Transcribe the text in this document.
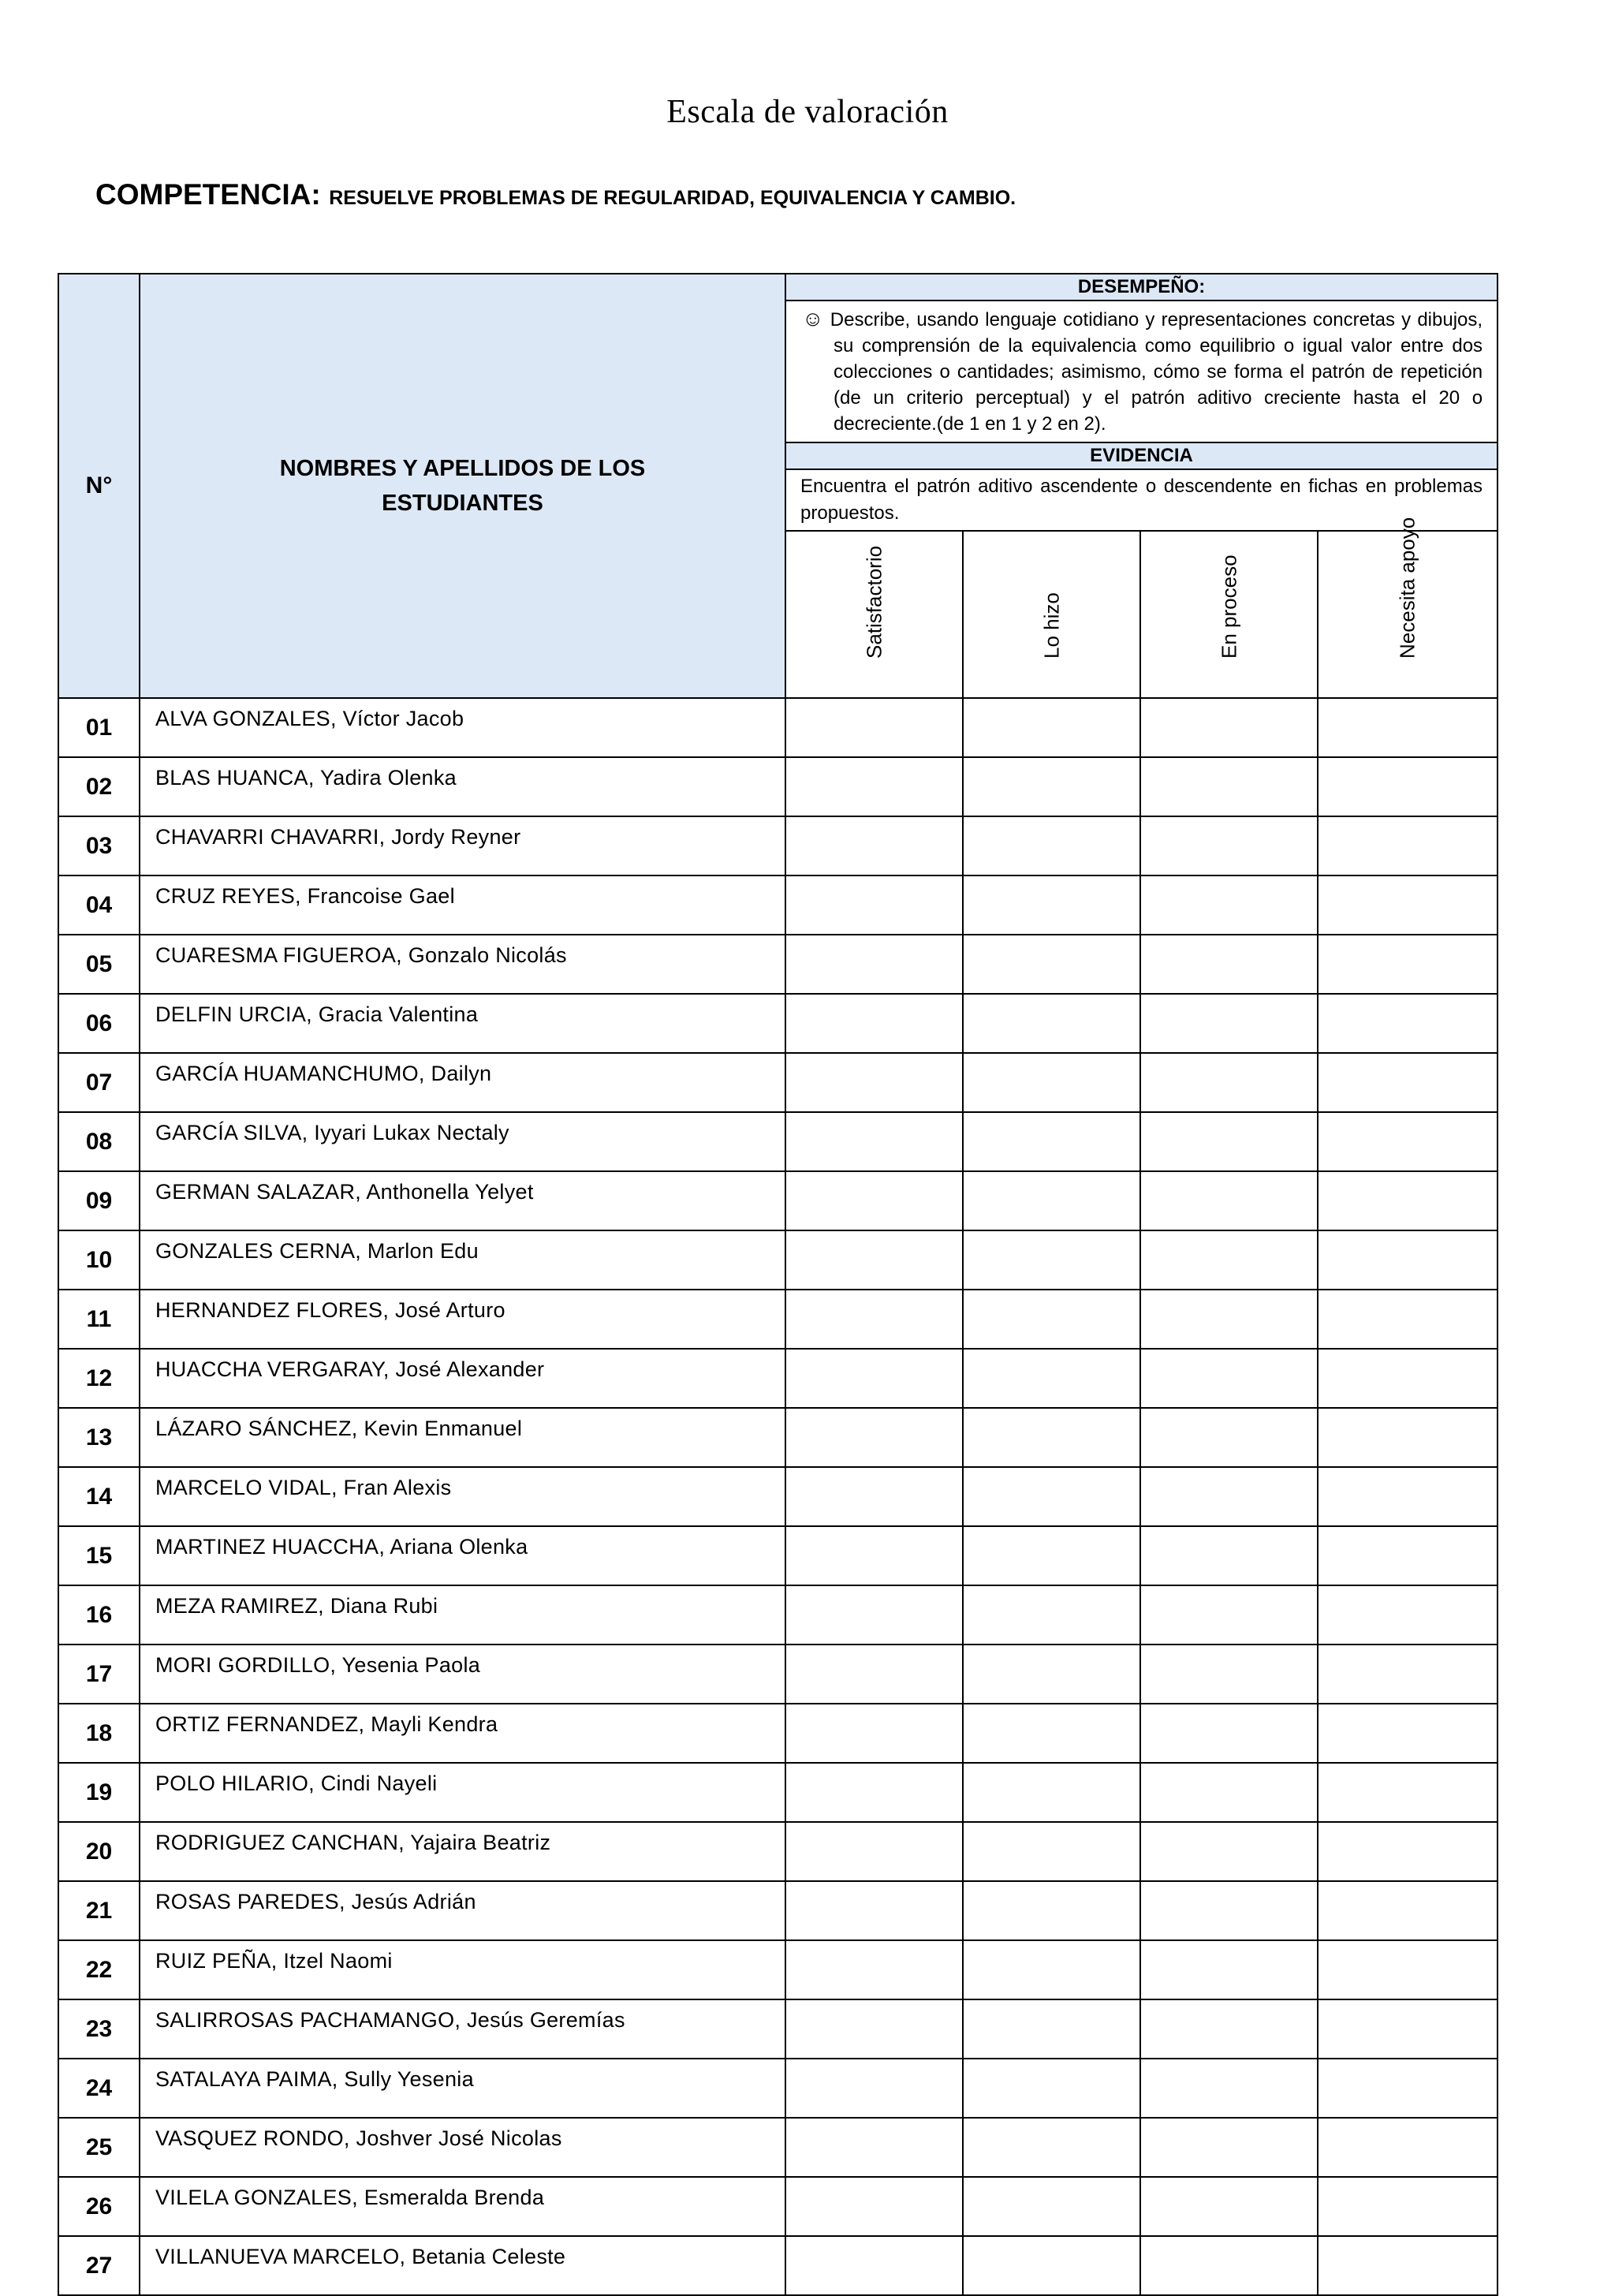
Escala de valoración
COMPETENCIA: RESUELVE PROBLEMAS DE REGULARIDAD, EQUIVALENCIA Y CAMBIO.
N°	NOMBRES Y APELLIDOS DE LOS ESTUDIANTES	DESEMPEÑO:			
		☺ Describe, usando lenguaje cotidiano y representaciones concretas y dibujos, su comprensión de la equivalencia como equilibrio o igual valor entre dos colecciones o cantidades; asimismo, cómo se forma el patrón de repetición (de un criterio perceptual) y el patrón aditivo creciente hasta el 20 o decreciente.(de 1 en 1 y 2 en 2).			
		EVIDENCIA			
		Encuentra el patrón aditivo ascendente o descendente en fichas en problemas propuestos.			

		Satisfactorio	Lo hizo	En proceso	Necesita apoyo

01	ALVA GONZALES, Víctor Jacob				
02	BLAS HUANCA, Yadira Olenka				
03	CHAVARRI CHAVARRI, Jordy Reyner				
04	CRUZ REYES, Francoise Gael				
05	CUARESMA FIGUEROA, Gonzalo Nicolás				
06	DELFIN URCIA, Gracia Valentina				
07	GARCÍA HUAMANCHUMO, Dailyn				
08	GARCÍA SILVA, Iyyari Lukax Nectaly				
09	GERMAN SALAZAR, Anthonella Yelyet				
10	GONZALES CERNA, Marlon Edu				
11	HERNANDEZ FLORES, José Arturo				
12	HUACCHA VERGARAY, José Alexander				
13	LÁZARO SÁNCHEZ, Kevin Enmanuel				
14	MARCELO VIDAL, Fran Alexis				
15	MARTINEZ HUACCHA, Ariana Olenka				
16	MEZA RAMIREZ, Diana Rubi				
17	MORI GORDILLO, Yesenia Paola				
18	ORTIZ FERNANDEZ, Mayli Kendra				
19	POLO HILARIO, Cindi Nayeli				
20	RODRIGUEZ CANCHAN, Yajaira Beatriz				
21	ROSAS PAREDES, Jesús Adrián				
22	RUIZ PEÑA, Itzel Naomi				
23	SALIRROSAS PACHAMANGO, Jesús Geremías				
24	SATALAYA PAIMA, Sully Yesenia				
25	VASQUEZ RONDO, Joshver José Nicolas				
26	VILELA GONZALES, Esmeralda Brenda				
27	VILLANUEVA MARCELO, Betania Celeste				
